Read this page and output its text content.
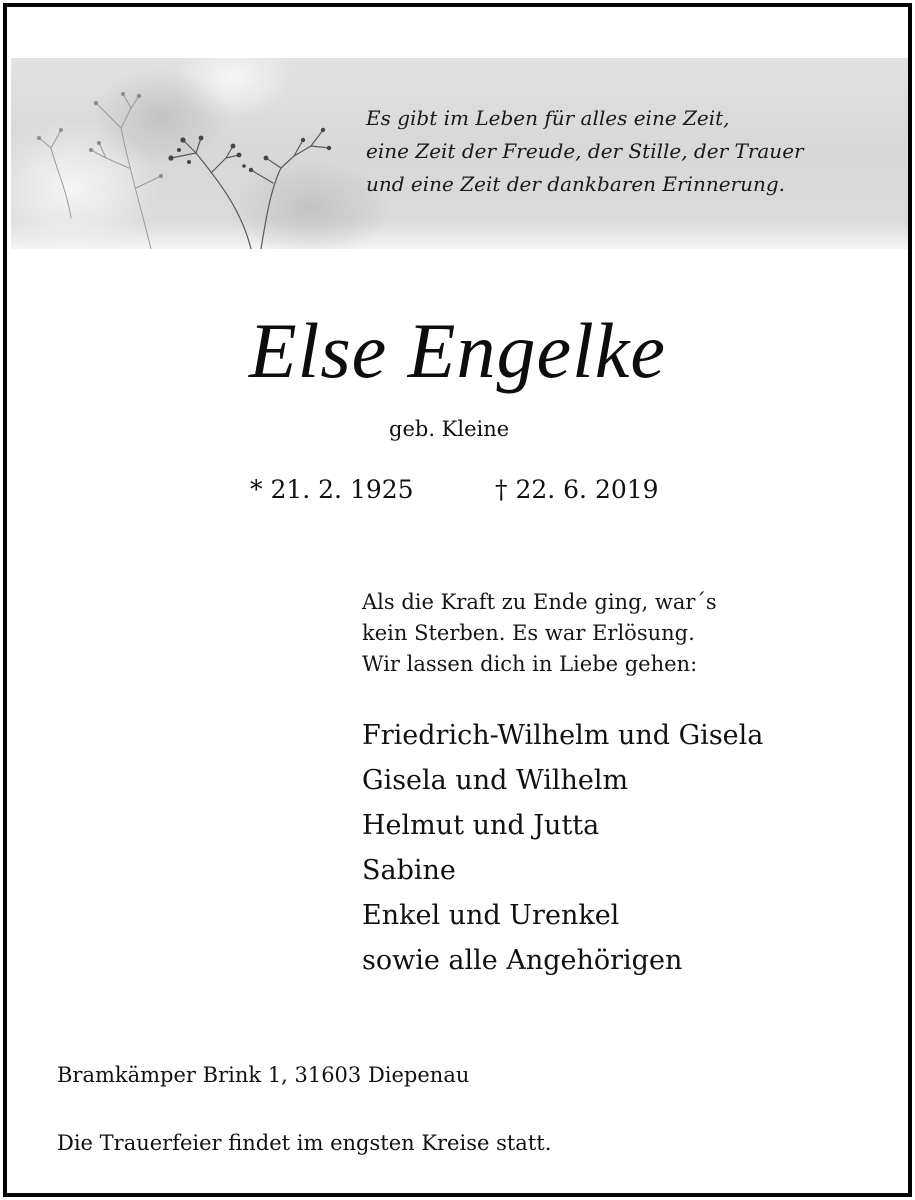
Es gibt im Leben für alles eine Zeit,
eine Zeit der Freude, der Stille, der Trauer
und eine Zeit der dankbaren Erinnerung.
Else Engelke
geb. Kleine
* 21. 2. 1925	† 22. 6. 2019
Als die Kraft zu Ende ging, war´s
kein Sterben. Es war Erlösung.
Wir lassen dich in Liebe gehen:
Friedrich-Wilhelm und Gisela
Gisela und Wilhelm
Helmut und Jutta
Sabine
Enkel und Urenkel
sowie alle Angehörigen
Bramkämper Brink 1, 31603 Diepenau
Die Trauerfeier findet im engsten Kreise statt.
